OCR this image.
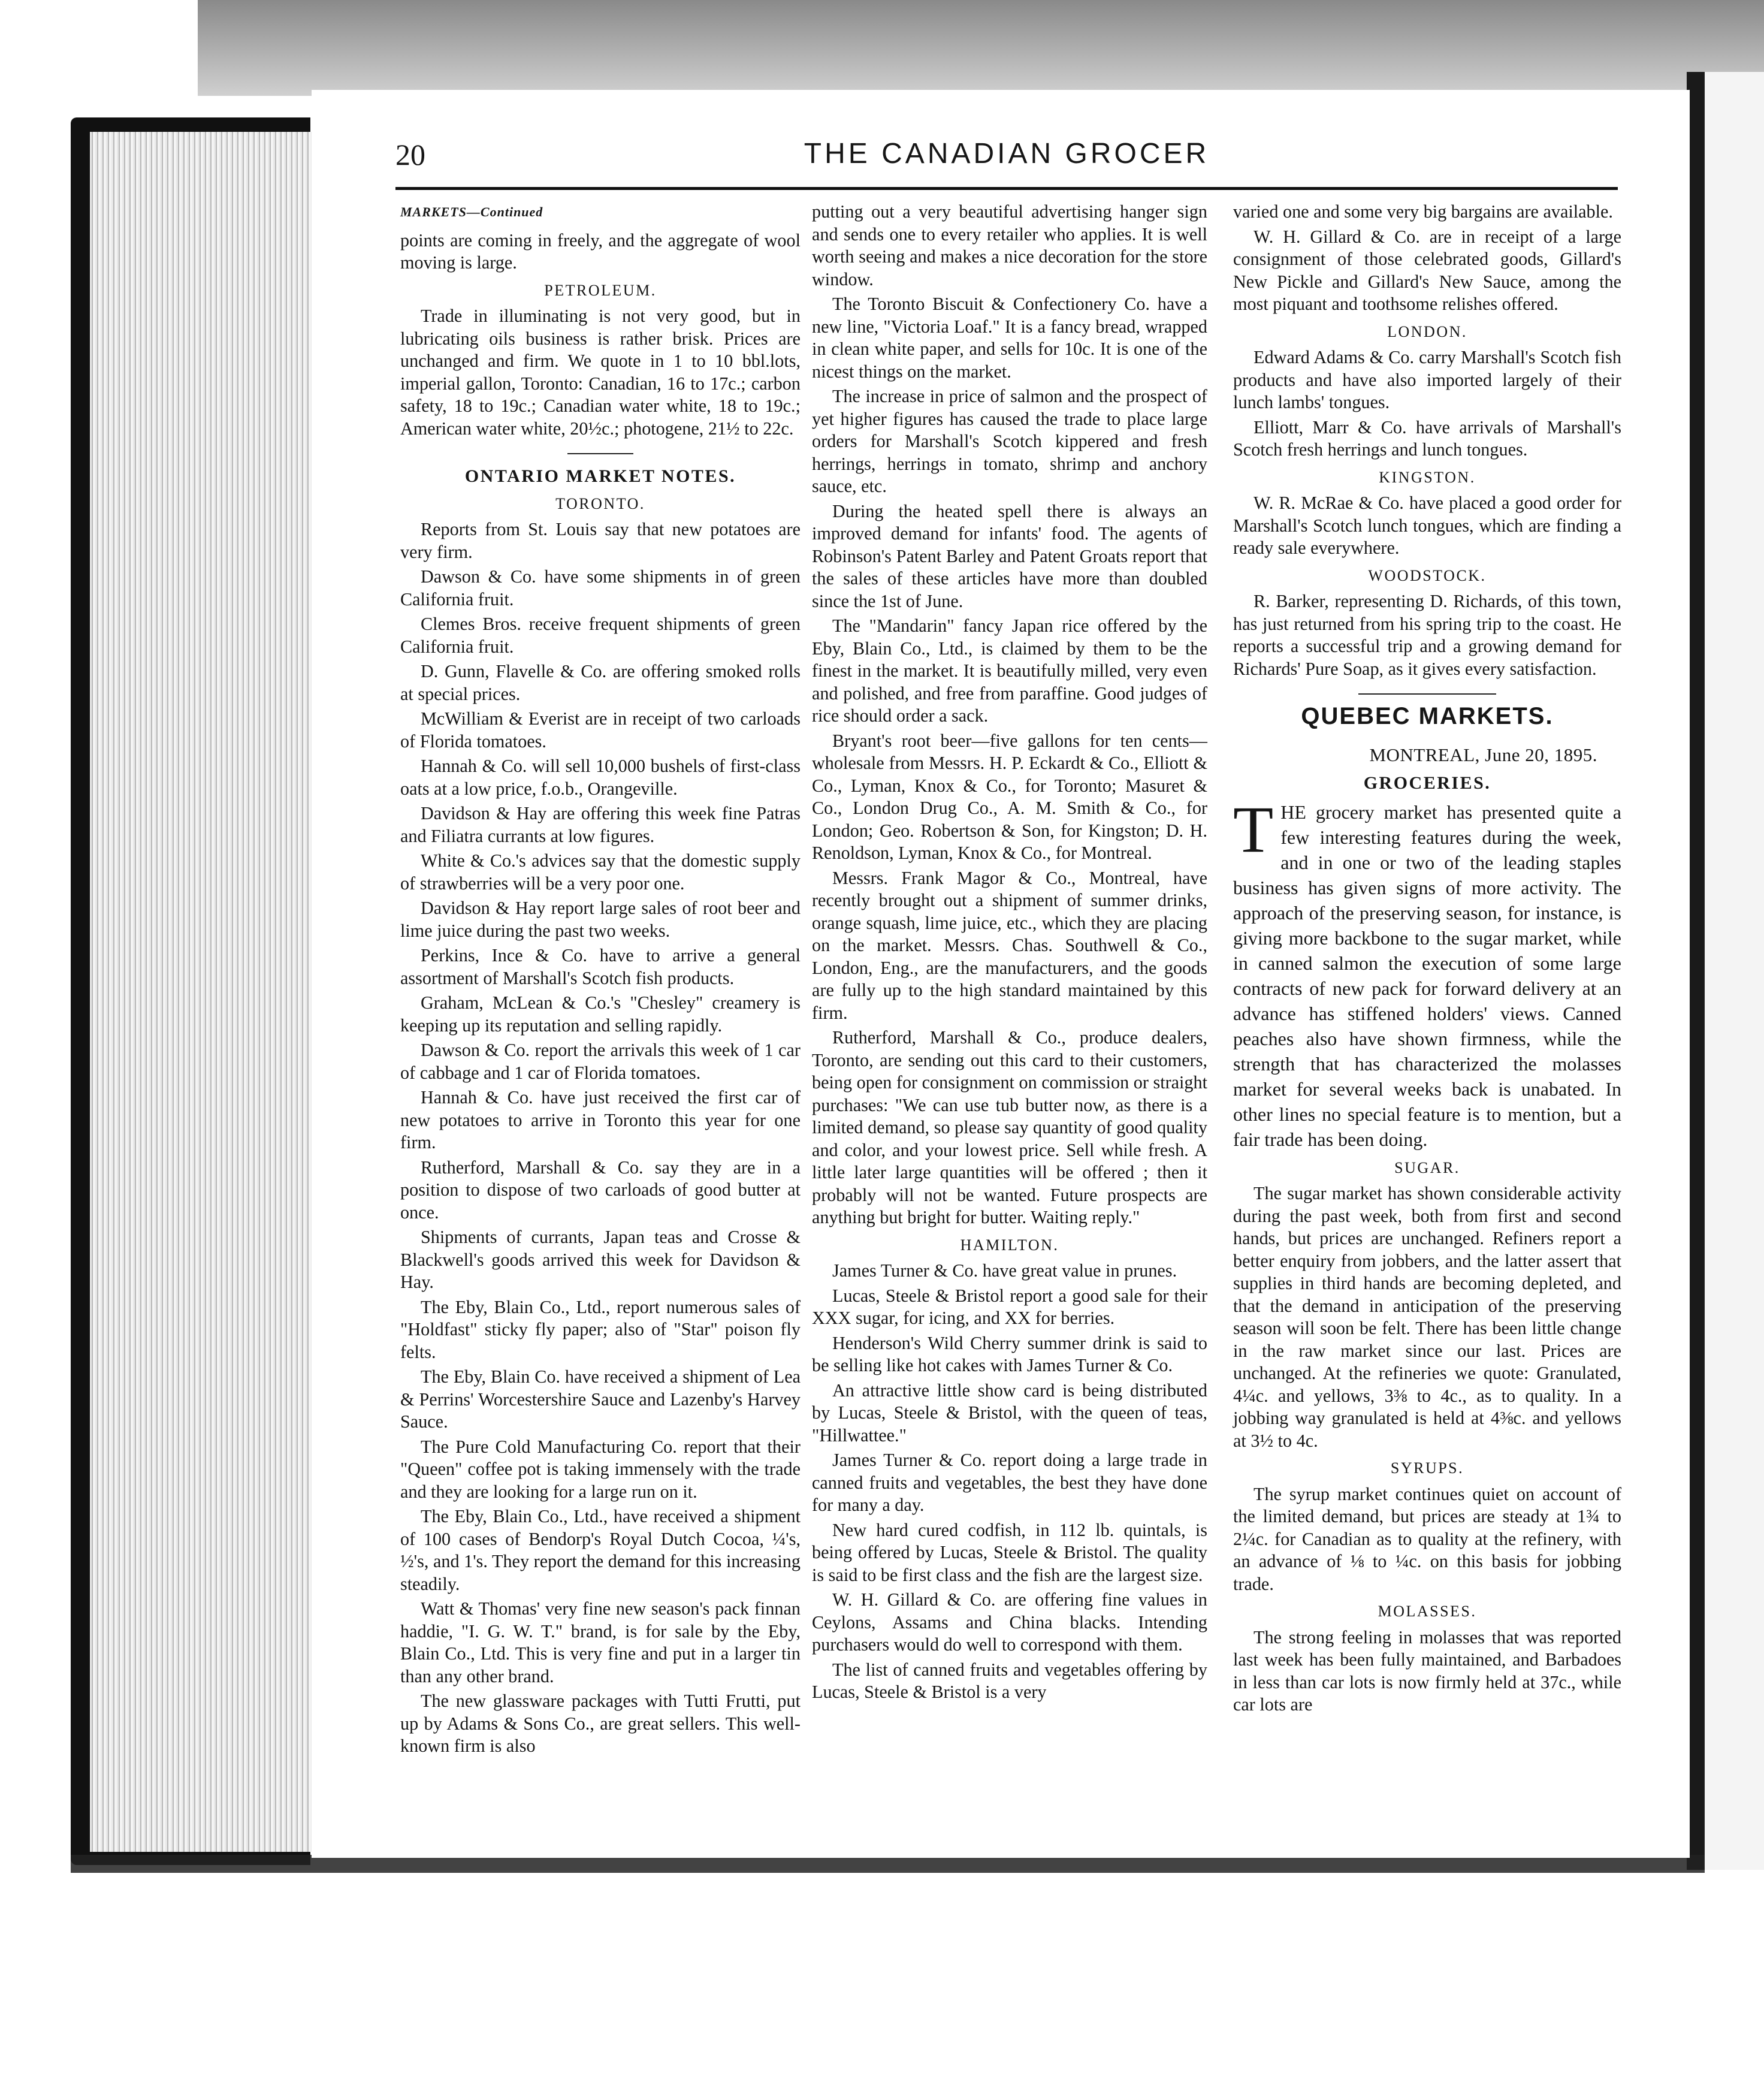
20	THE CANADIAN GROCER
MARKETS—Continued

points are coming in freely, and the aggregate of wool moving is large.

PETROLEUM.

Trade in illuminating is not very good, but in lubricating oils business is rather brisk. Prices are unchanged and firm. We quote in 1 to 10 bbl.lots, imperial gallon, Toronto: Canadian, 16 to 17c.; carbon safety, 18 to 19c.; Canadian water white, 18 to 19c.; American water white, 20½c.; photogene, 21½ to 22c.

ONTARIO MARKET NOTES.
TORONTO.

Reports from St. Louis say that new potatoes are very firm.

Dawson & Co. have some shipments in of green California fruit.

Clemes Bros. receive frequent shipments of green California fruit.

D. Gunn, Flavelle & Co. are offering smoked rolls at special prices.

McWilliam & Everist are in receipt of two carloads of Florida tomatoes.

Hannah & Co. will sell 10,000 bushels of first-class oats at a low price, f.o.b., Orangeville.

Davidson & Hay are offering this week fine Patras and Filiatra currants at low figures.

White & Co.'s advices say that the domestic supply of strawberries will be a very poor one.

Davidson & Hay report large sales of root beer and lime juice during the past two weeks.

Perkins, Ince & Co. have to arrive a general assortment of Marshall's Scotch fish products.

Graham, McLean & Co.'s "Chesley" creamery is keeping up its reputation and selling rapidly.

Dawson & Co. report the arrivals this week of 1 car of cabbage and 1 car of Florida tomatoes.

Hannah & Co. have just received the first car of new potatoes to arrive in Toronto this year for one firm.

Rutherford, Marshall & Co. say they are in a position to dispose of two carloads of good butter at once.

Shipments of currants, Japan teas and Crosse & Blackwell's goods arrived this week for Davidson & Hay.

The Eby, Blain Co., Ltd., report numerous sales of "Holdfast" sticky fly paper; also of "Star" poison fly felts.

The Eby, Blain Co. have received a shipment of Lea & Perrins' Worcestershire Sauce and Lazenby's Harvey Sauce.

The Pure Cold Manufacturing Co. report that their "Queen" coffee pot is taking immensely with the trade and they are looking for a large run on it.

The Eby, Blain Co., Ltd., have received a shipment of 100 cases of Bendorp's Royal Dutch Cocoa, ¼'s, ½'s, and 1's. They report the demand for this increasing steadily.

Watt & Thomas' very fine new season's pack finnan haddie, "I. G. W. T." brand, is for sale by the Eby, Blain Co., Ltd. This is very fine and put in a larger tin than any other brand.

The new glassware packages with Tutti Frutti, put up by Adams & Sons Co., are great sellers. This well-known firm is also

putting out a very beautiful advertising hanger sign and sends one to every retailer who applies. It is well worth seeing and makes a nice decoration for the store window.

The Toronto Biscuit & Confectionery Co. have a new line, "Victoria Loaf." It is a fancy bread, wrapped in clean white paper, and sells for 10c. It is one of the nicest things on the market.

The increase in price of salmon and the prospect of yet higher figures has caused the trade to place large orders for Marshall's Scotch kippered and fresh herrings, herrings in tomato, shrimp and anchory sauce, etc.

During the heated spell there is always an improved demand for infants' food. The agents of Robinson's Patent Barley and Patent Groats report that the sales of these articles have more than doubled since the 1st of June.

The "Mandarin" fancy Japan rice offered by the Eby, Blain Co., Ltd., is claimed by them to be the finest in the market. It is beautifully milled, very even and polished, and free from paraffine. Good judges of rice should order a sack.

Bryant's root beer—five gallons for ten cents—wholesale from Messrs. H. P. Eckardt & Co., Elliott & Co., Lyman, Knox & Co., for Toronto; Masuret & Co., London Drug Co., A. M. Smith & Co., for London; Geo. Robertson & Son, for Kingston; D. H. Renoldson, Lyman, Knox & Co., for Montreal.

Messrs. Frank Magor & Co., Montreal, have recently brought out a shipment of summer drinks, orange squash, lime juice, etc., which they are placing on the market. Messrs. Chas. Southwell & Co., London, Eng., are the manufacturers, and the goods are fully up to the high standard maintained by this firm.

Rutherford, Marshall & Co., produce dealers, Toronto, are sending out this card to their customers, being open for consignment on commission or straight purchases: "We can use tub butter now, as there is a limited demand, so please say quantity of good quality and color, and your lowest price. Sell while fresh. A little later large quantities will be offered ; then it probably will not be wanted. Future prospects are anything but bright for butter. Waiting reply."

HAMILTON.

James Turner & Co. have great value in prunes.

Lucas, Steele & Bristol report a good sale for their XXX sugar, for icing, and XX for berries.

Henderson's Wild Cherry summer drink is said to be selling like hot cakes with James Turner & Co.

An attractive little show card is being distributed by Lucas, Steele & Bristol, with the queen of teas, "Hillwattee."

James Turner & Co. report doing a large trade in canned fruits and vegetables, the best they have done for many a day.

New hard cured codfish, in 112 lb. quintals, is being offered by Lucas, Steele & Bristol. The quality is said to be first class and the fish are the largest size.

W. H. Gillard & Co. are offering fine values in Ceylons, Assams and China blacks. Intending purchasers would do well to correspond with them.

The list of canned fruits and vegetables offering by Lucas, Steele & Bristol is a very

varied one and some very big bargains are available.

W. H. Gillard & Co. are in receipt of a large consignment of those celebrated goods, Gillard's New Pickle and Gillard's New Sauce, among the most piquant and toothsome relishes offered.

LONDON.

Edward Adams & Co. carry Marshall's Scotch fish products and have also imported largely of their lunch lambs' tongues.

Elliott, Marr & Co. have arrivals of Marshall's Scotch fresh herrings and lunch tongues.

KINGSTON.

W. R. McRae & Co. have placed a good order for Marshall's Scotch lunch tongues, which are finding a ready sale everywhere.

WOODSTOCK.

R. Barker, representing D. Richards, of this town, has just returned from his spring trip to the coast. He reports a successful trip and a growing demand for Richards' Pure Soap, as it gives every satisfaction.

QUEBEC MARKETS.
MONTREAL, June 20, 1895.
GROCERIES.

THE grocery market has presented quite a few interesting features during the week, and in one or two of the leading staples business has given signs of more activity. The approach of the preserving season, for instance, is giving more backbone to the sugar market, while in canned salmon the execution of some large contracts of new pack for forward delivery at an advance has stiffened holders' views. Canned peaches also have shown firmness, while the strength that has characterized the molasses market for several weeks back is unabated. In other lines no special feature is to mention, but a fair trade has been doing.

SUGAR.

The sugar market has shown considerable activity during the past week, both from first and second hands, but prices are unchanged. Refiners report a better enquiry from jobbers, and the latter assert that supplies in third hands are becoming depleted, and that the demand in anticipation of the preserving season will soon be felt. There has been little change in the raw market since our last. Prices are unchanged. At the refineries we quote: Granulated, 4¼c. and yellows, 3⅜ to 4c., as to quality. In a jobbing way granulated is held at 4⅜c. and yellows at 3½ to 4c.

SYRUPS.

The syrup market continues quiet on account of the limited demand, but prices are steady at 1¾ to 2¼c. for Canadian as to quality at the refinery, with an advance of ⅛ to ¼c. on this basis for jobbing trade.

MOLASSES.

The strong feeling in molasses that was reported last week has been fully maintained, and Barbadoes in less than car lots is now firmly held at 37c., while car lots are
